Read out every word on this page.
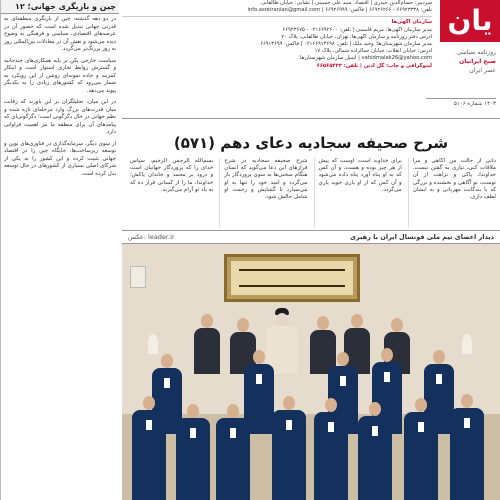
چین و بازیگری جهانی؛ ۱۲
در دو دهه گذشته، چین از بازیگری منطقه‌ای به قدرتی جهانی تبدیل شده است که حضور آن در عرصه‌های اقتصادی، سیاسی و فرهنگی به وضوح دیده می‌شود و نقش آن در معادلات بین‌المللی روز به روز پررنگ‌تر می‌گردد.
سیاست خارجی پکن بر پایه همکاری‌های چندجانبه و گسترش روابط تجاری استوار است و ابتکار کمربند و جاده نمونه‌ای روشن از این رویکرد به شمار می‌رود که کشورهای زیادی را به یکدیگر پیوند می‌دهد.
در این میان، تحلیلگران بر این باورند که رقابت میان قدرت‌های بزرگ وارد مرحله‌ای تازه شده و نظم جهانی در حال دگرگونی است؛ دگرگونی‌ای که پیامدهای آن برای منطقه ما نیز اهمیت فراوانی دارد.
از سوی دیگر، سرمایه‌گذاری در فناوری‌های نوین و توسعه زیرساخت‌ها، جایگاه چین را در اقتصاد جهانی تثبیت کرده و این کشور را به یکی از شرکای اصلی بسیاری از کشورهای در حال توسعه بدل کرده است.
یان
روزنامه سیاسی
صبح ایرانیان
عصر ایران
۱۴۰۳ شماره ۵۱۰۶
سردبیر: حسام‌الدین حیدری | اقتصاد: سید علی حسینی | نشانی: خیابان طالقانی
تلفن: ۶۶۹۲۳۳۳۸ - ۶۶۹۲۶۲۶۶ | فاکس: ۶۶۹۲۶۹۹۹ | info.asreiranian@gmail.com
سازمان آگهی‌ها
مدیر سازمان آگهی‌ها: مریم قاسمی | تلفن: ۰۲۱۶۶۹۲۶۰۰ - ۶۶۹۲۳۶۷۵
آدرس دفتر روزنامه و سازمان آگهی‌ها: تهران، خیابان طالقانی، پلاک ۷۰
مدیر سازمان شهرستان‌ها: وحید ملک | تلفن: ۰۲۱۶۶۹۱۳۶۹۸ | فاکس: ۶۶۹۱۳۶۹۹
آدرس: خیابان انقلاب، خیابان جمالزاده شمالی، پلاک ۱۷
vahidmalek26@yahoo.com | ایمیل سازمان شهرستان‌ها
لیتوگرافی و چاپ: گل آذین | تلفن: ۶۶۵۶۵۴۳۳
شرح صحیفه سجادیه دعای دهم (۵۷۱)
دانی از حالت من آگاهی و مرا ملاقات کنی، نیازی به گفتن نیست. خداوندا، پاکی و نزاهت از آن توست، تو آگاهی و بخشنده و بزرگی که با بندگانت مهربانی و به ایشان لطف داری.
برای خداوند است، اوست که پیش از هر چیز بوده و هست، و آن کس که به او پناه آورد پناه داده می‌شود و آن کس که از او یاری جوید یاری می‌گردد.
شرح صحیفه سجادیه در شرح فرازهای این دعا می‌گوید که انسان هنگام سختی‌ها به سوی پروردگار باز می‌گردد و امید خود را تنها به او می‌سپارد تا گشایش و رحمت او شامل حالش شود.
بسم‌الله الرحمن الرحیم، سپاس خدای را که پروردگار جهانیان است و درود بر محمد و خاندان پاکش؛ خداوندا، ما را از کسانی قرار ده که به یاد تو آرام می‌گیرند.
دیدار اعضای تیم ملی فوتسال ایران با رهبری
عکس: leader.ir
